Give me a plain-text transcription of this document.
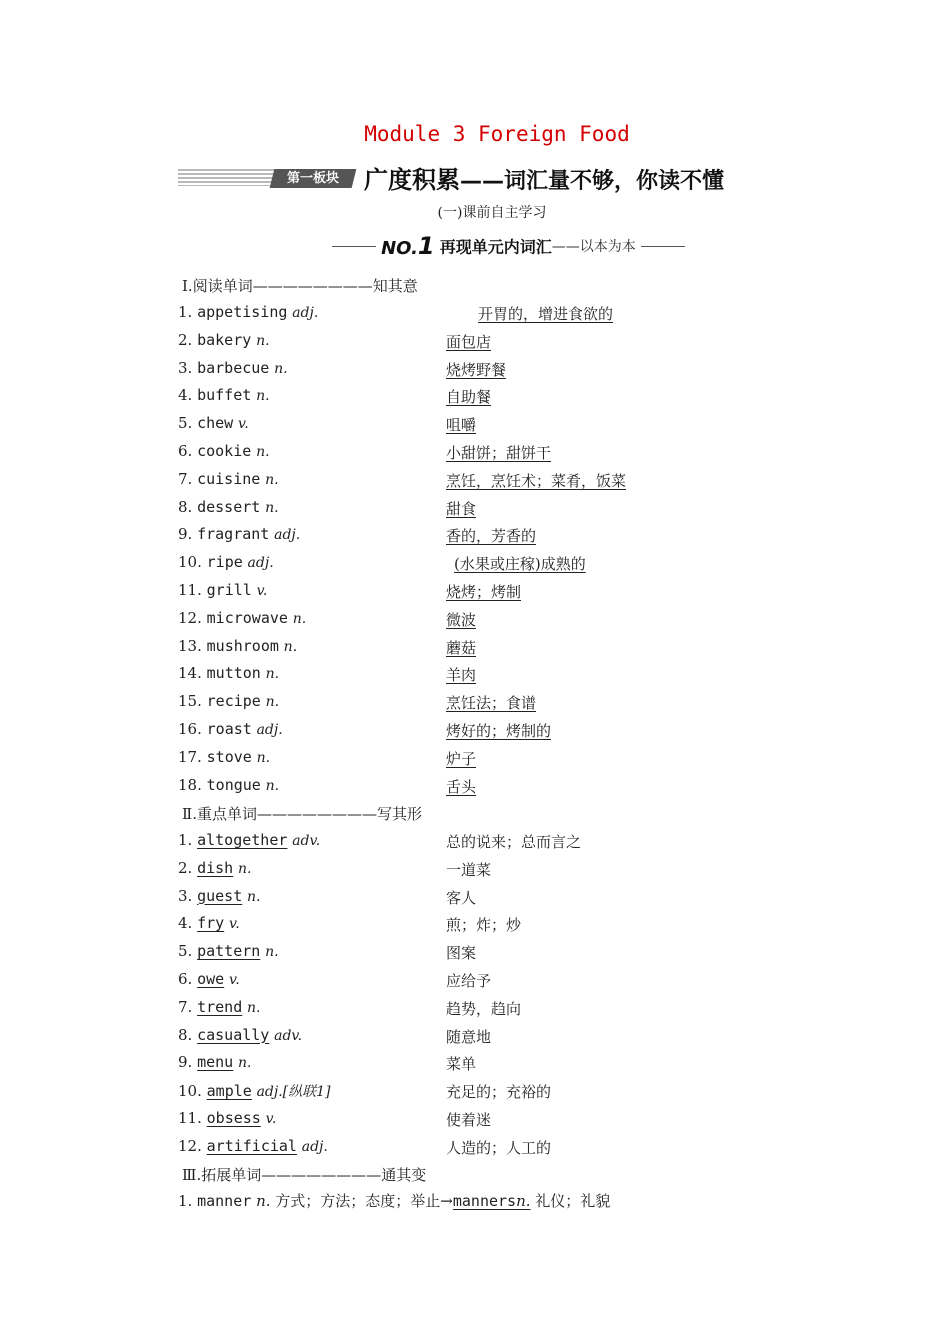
Module 3 Foreign Food
第一板块	广度积累——词汇量不够，你读不懂
(一)课前自主学习
NO.1 再现单元内词汇——以本为本
Ⅰ.阅读单词————————知其意
1. appetising adj.	开胃的，增进食欲的
2. bakery n.	面包店
3. barbecue n.	烧烤野餐
4. buffet n.	自助餐
5. chew v.	咀嚼
6. cookie n.	小甜饼；甜饼干
7. cuisine n.	烹饪，烹饪术；菜肴，饭菜
8. dessert n.	甜食
9. fragrant adj.	香的，芳香的
10. ripe adj.	(水果或庄稼)成熟的
11. grill v.	烧烤；烤制
12. microwave n.	微波
13. mushroom n.	蘑菇
14. mutton n.	羊肉
15. recipe n.	烹饪法；食谱
16. roast adj.	烤好的；烤制的
17. stove n.	炉子
18. tongue n.	舌头
Ⅱ.重点单词————————写其形
1. altogether adv.	总的说来；总而言之
2. dish n.	一道菜
3. guest n.	客人
4. fry v.	煎；炸；炒
5. pattern n.	图案
6. owe v.	应给予
7. trend n.	趋势，趋向
8. casually adv.	随意地
9. menu n.	菜单
10. ample adj.[纵联1]	充足的；充裕的
11. obsess v.	使着迷
12. artificial adj.	人造的；人工的
Ⅲ.拓展单词————————通其变
1. manner n. 方式；方法；态度；举止→mannersn. 礼仪；礼貌
